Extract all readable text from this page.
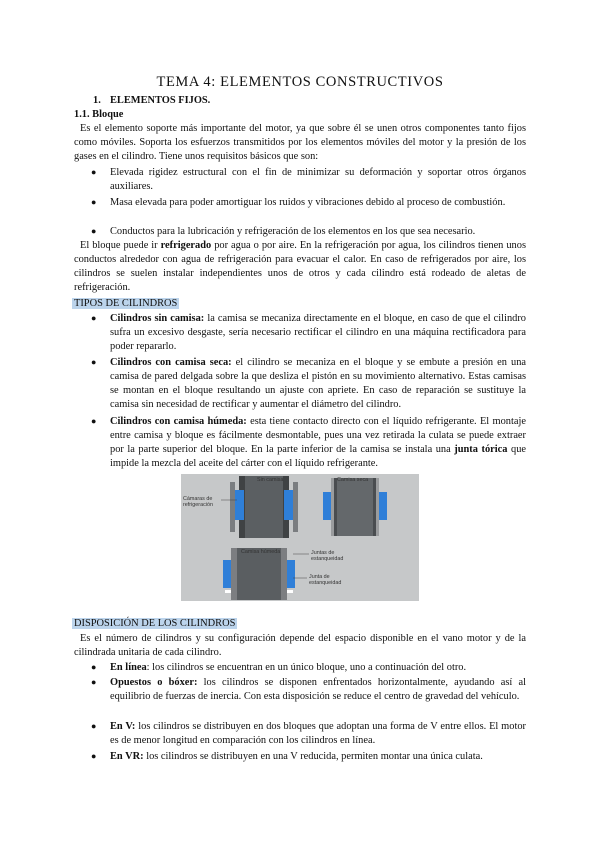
TEMA 4: ELEMENTOS CONSTRUCTIVOS
1. ELEMENTOS FIJOS.
1.1. Bloque
Es el elemento soporte más importante del motor, ya que sobre él se unen otros componentes tanto fijos como móviles. Soporta los esfuerzos transmitidos por los elementos móviles del motor y la presión de los gases en el cilindro. Tiene unos requisitos básicos que son:
● Elevada rigidez estructural con el fin de minimizar su deformación y soportar otros órganos auxiliares.
● Masa elevada para poder amortiguar los ruidos y vibraciones debido al proceso de combustión.
● Conductos para la lubricación y refrigeración de los elementos en los que sea necesario.
El bloque puede ir refrigerado por agua o por aire. En la refrigeración por agua, los cilindros tienen unos conductos alrededor con agua de refrigeración para evacuar el calor. En caso de refrigerados por aire, los cilindros se suelen instalar independientes unos de otros y cada cilindro está rodeado de aletas de refrigeración.
TIPOS DE CILINDROS
● Cilindros sin camisa: la camisa se mecaniza directamente en el bloque, en caso de que el cilindro sufra un excesivo desgaste, sería necesario rectificar el cilindro en una máquina rectificadora para poder repararlo.
● Cilindros con camisa seca: el cilindro se mecaniza en el bloque y se embute a presión en una camisa de pared delgada sobre la que desliza el pistón en su movimiento alternativo. Estas camisas se montan en el bloque resultando un ajuste con apriete. En caso de reparación se sustituye la camisa sin necesidad de rectificar y aumentar el diámetro del cilindro.
● Cilindros con camisa húmeda: esta tiene contacto directo con el líquido refrigerante. El montaje entre camisa y bloque es fácilmente desmontable, pues una vez retirada la culata se puede extraer por la parte superior del bloque. En la parte inferior de la camisa se instala una junta tórica que impide la mezcla del aceite del cárter con el líquido refrigerante.
Sin camisa	Camisa seca
Cámaras de refrigeración
Camisa húmeda	Juntas de estanqueidad
Junta de estanqueidad
DISPOSICIÓN DE LOS CILINDROS
Es el número de cilindros y su configuración depende del espacio disponible en el vano motor y de la cilindrada unitaria de cada cilindro.
● En línea: los cilindros se encuentran en un único bloque, uno a continuación del otro.
● Opuestos o bóxer: los cilindros se disponen enfrentados horizontalmente, ayudando así al equilibrio de fuerzas de inercia. Con esta disposición se reduce el centro de gravedad del vehículo.
● En V: los cilindros se distribuyen en dos bloques que adoptan una forma de V entre ellos. El motor es de menor longitud en comparación con los cilindros en línea.
● En VR: los cilindros se distribuyen en una V reducida, permiten montar una única culata.
